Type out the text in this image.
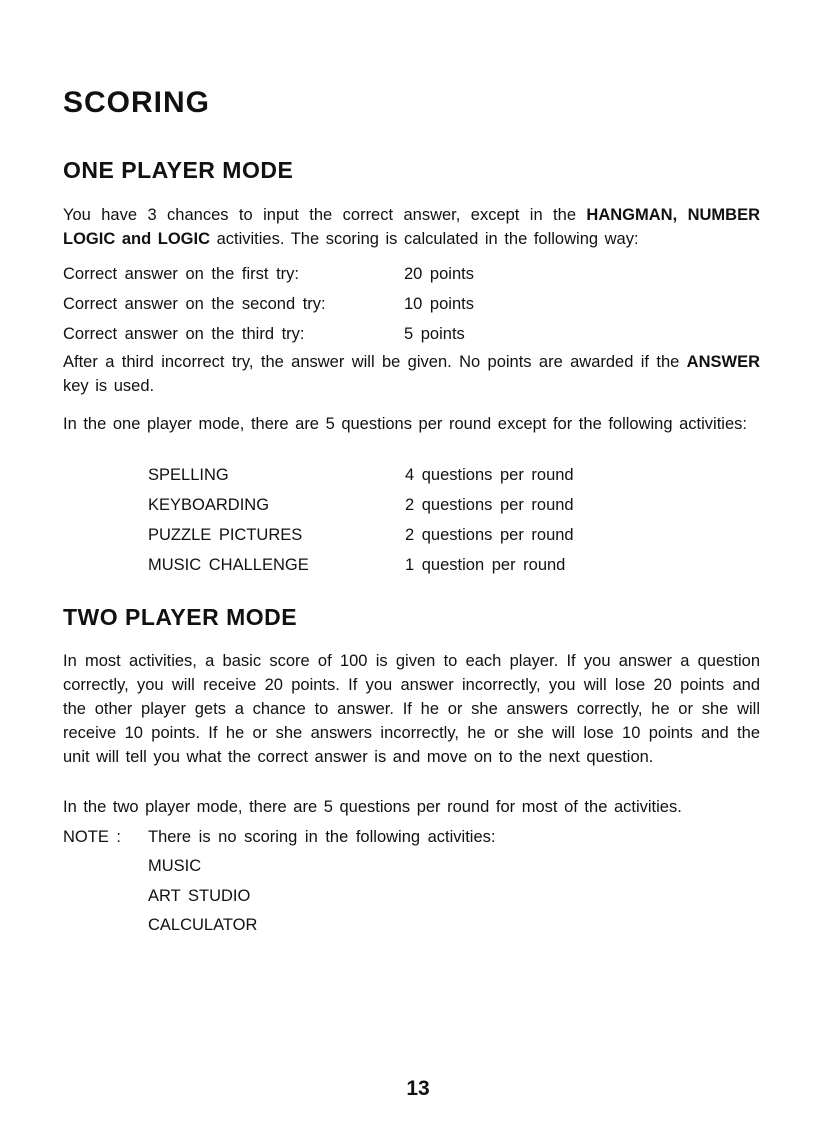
SCORING
ONE PLAYER MODE
You have 3 chances to input the correct answer, except in the HANGMAN, NUMBER LOGIC and LOGIC activities. The scoring is calculated in the following way:
Correct answer on the first try:	20 points
Correct answer on the second try:	10 points
Correct answer on the third try:	5 points
After a third incorrect try, the answer will be given. No points are awarded if the ANSWER key is used.
In the one player mode, there are 5 questions per round except for the following activities:
SPELLING	4 questions per round
KEYBOARDING	2 questions per round
PUZZLE PICTURES	2 questions per round
MUSIC CHALLENGE	1 question per round
TWO PLAYER MODE
In most activities, a basic score of 100 is given to each player. If you answer a question correctly, you will receive 20 points. If you answer incorrectly, you will lose 20 points and the other player gets a chance to answer. If he or she answers correctly, he or she will receive 10 points. If he or she answers incorrectly, he or she will lose 10 points and the unit will tell you what the correct answer is and move on to the next question.
In the two player mode, there are 5 questions per round for most of the activities.
NOTE : There is no scoring in the following activities:
MUSIC
ART STUDIO
CALCULATOR
13
